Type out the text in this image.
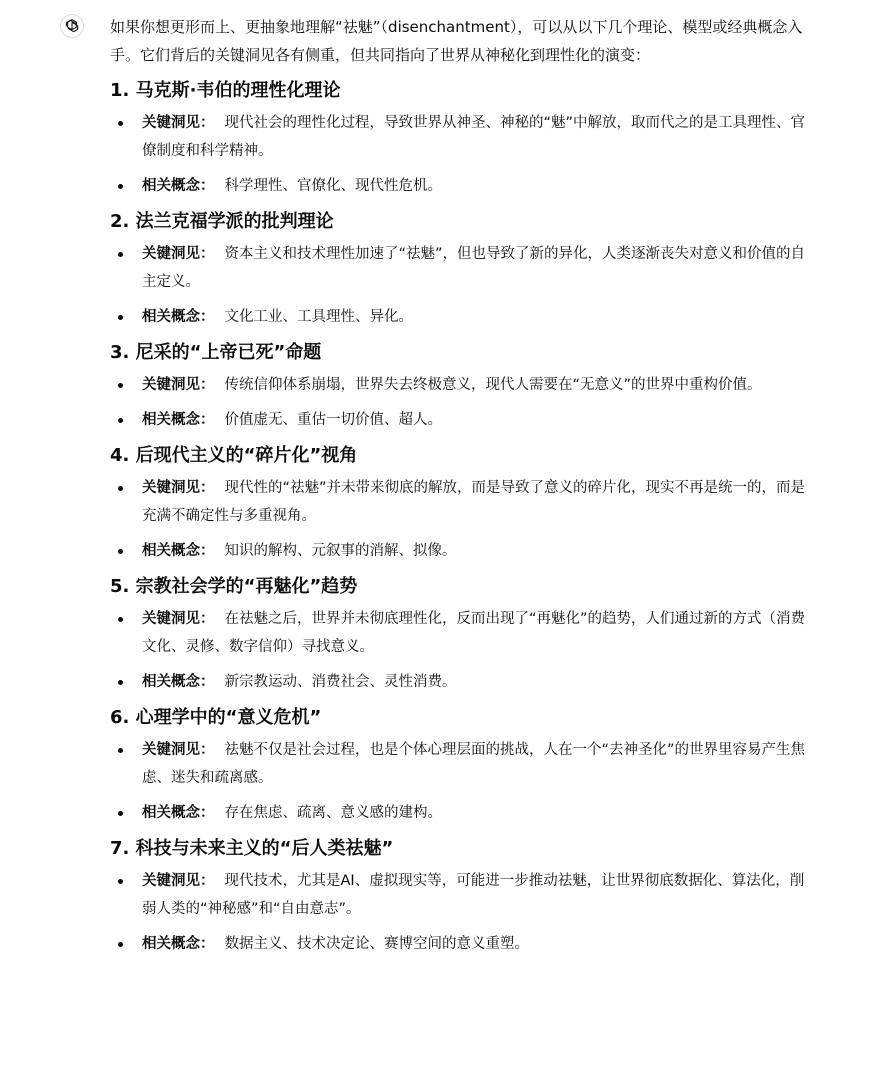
如果你想更形而上、更抽象地理解“祛魅”（disenchantment），可以从以下几个理论、模型或经典概念入手。它们背后的关键洞见各有侧重，但共同指向了世界从神秘化到理性化的演变：

1. 马克斯·韦伯的理性化理论
关键洞见： 现代社会的理性化过程，导致世界从神圣、神秘的“魅”中解放，取而代之的是工具理性、官僚制度和科学精神。
相关概念： 科学理性、官僚化、现代性危机。
2. 法兰克福学派的批判理论
关键洞见： 资本主义和技术理性加速了“祛魅”，但也导致了新的异化，人类逐渐丧失对意义和价值的自主定义。
相关概念： 文化工业、工具理性、异化。
3. 尼采的“上帝已死”命题
关键洞见： 传统信仰体系崩塌，世界失去终极意义，现代人需要在“无意义”的世界中重构价值。
相关概念： 价值虚无、重估一切价值、超人。
4. 后现代主义的“碎片化”视角
关键洞见： 现代性的“祛魅”并未带来彻底的解放，而是导致了意义的碎片化，现实不再是统一的，而是充满不确定性与多重视角。
相关概念： 知识的解构、元叙事的消解、拟像。
5. 宗教社会学的“再魅化”趋势
关键洞见： 在祛魅之后，世界并未彻底理性化，反而出现了“再魅化”的趋势，人们通过新的方式（消费文化、灵修、数字信仰）寻找意义。
相关概念： 新宗教运动、消费社会、灵性消费。
6. 心理学中的“意义危机”
关键洞见： 祛魅不仅是社会过程，也是个体心理层面的挑战，人在一个“去神圣化”的世界里容易产生焦虑、迷失和疏离感。
相关概念： 存在焦虑、疏离、意义感的建构。
7. 科技与未来主义的“后人类祛魅”
关键洞见： 现代技术，尤其是AI、虚拟现实等，可能进一步推动祛魅，让世界彻底数据化、算法化，削弱人类的“神秘感”和“自由意志”。
相关概念： 数据主义、技术决定论、赛博空间的意义重塑。
